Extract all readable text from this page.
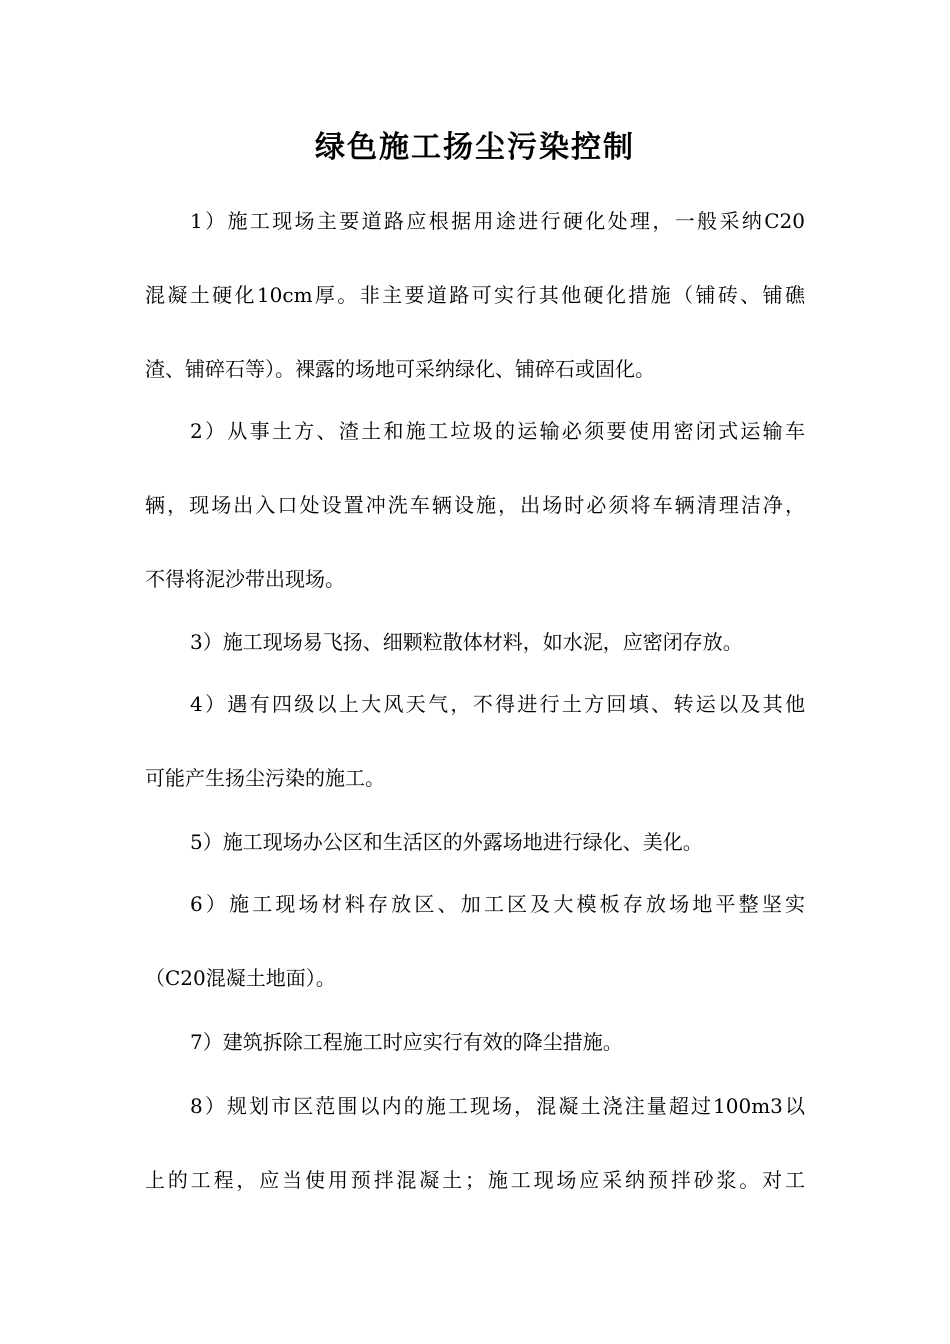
绿色施工扬尘污染控制
1）施工现场主要道路应根据用途进行硬化处理，一般采纳C20
混凝土硬化10cm厚。非主要道路可实行其他硬化措施（铺砖、铺礁
渣、铺碎石等）。裸露的场地可采纳绿化、铺碎石或固化。
2）从事土方、渣土和施工垃圾的运输必须要使用密闭式运输车
辆，现场出入口处设置冲洗车辆设施，出场时必须将车辆清理洁净，
不得将泥沙带出现场。
3）施工现场易飞扬、细颗粒散体材料，如水泥，应密闭存放。
4）遇有四级以上大风天气，不得进行土方回填、转运以及其他
可能产生扬尘污染的施工。
5）施工现场办公区和生活区的外露场地进行绿化、美化。
6）施工现场材料存放区、加工区及大模板存放场地平整坚实
（C20混凝土地面）。
7）建筑拆除工程施工时应实行有效的降尘措施。
8）规划市区范围以内的施工现场，混凝土浇注量超过100m3以
上的工程，应当使用预拌混凝土；施工现场应采纳预拌砂浆。对工
